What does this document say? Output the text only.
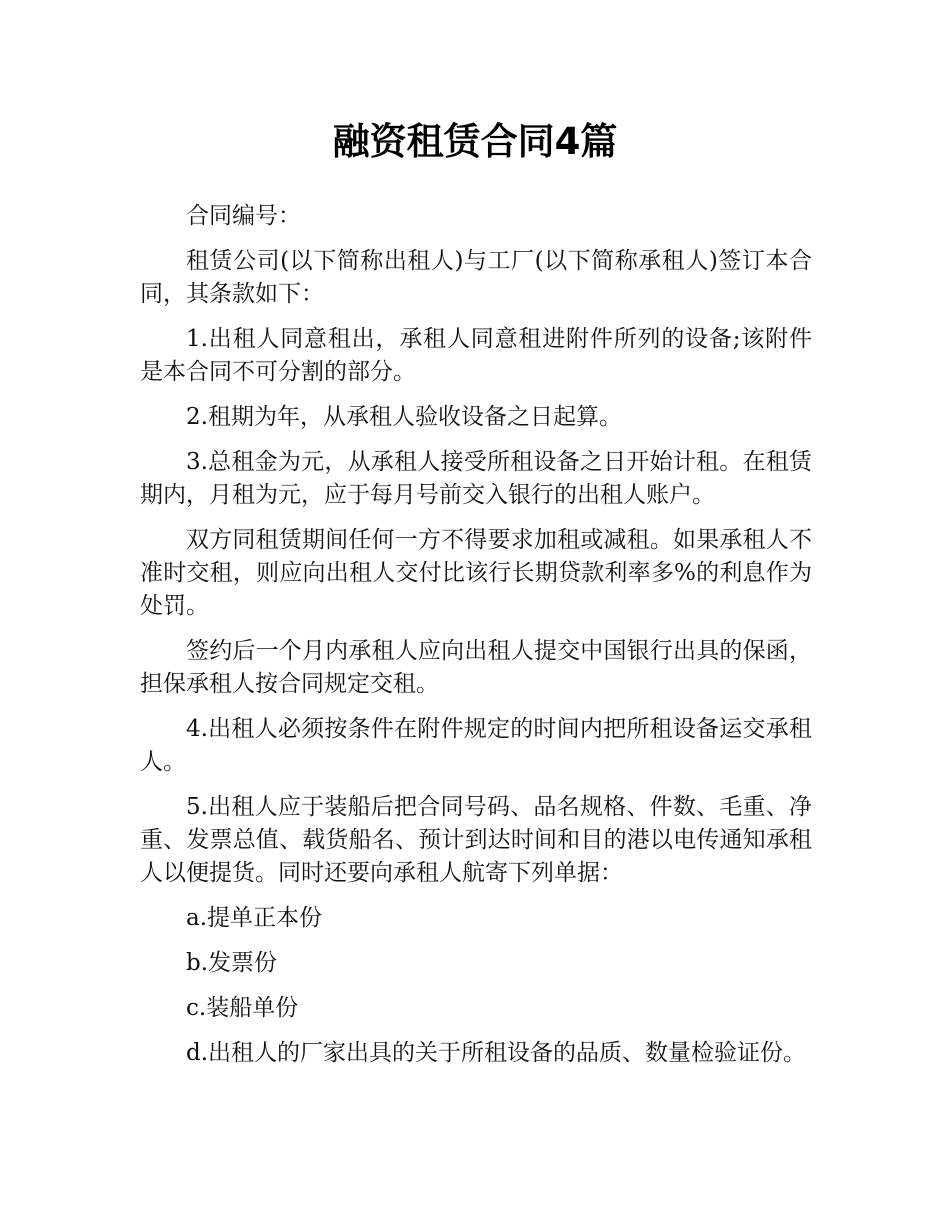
融资租赁合同4篇

合同编号：

租赁公司(以下简称出租人)与工厂(以下简称承租人)签订本合同，其条款如下：

1.出租人同意租出，承租人同意租进附件所列的设备;该附件是本合同不可分割的部分。

2.租期为年，从承租人验收设备之日起算。

3.总租金为元，从承租人接受所租设备之日开始计租。在租赁期内，月租为元，应于每月号前交入银行的出租人账户。

双方同租赁期间任何一方不得要求加租或减租。如果承租人不准时交租，则应向出租人交付比该行长期贷款利率多%的利息作为处罚。

签约后一个月内承租人应向出租人提交中国银行出具的保函，担保承租人按合同规定交租。

4.出租人必须按条件在附件规定的时间内把所租设备运交承租人。

5.出租人应于装船后把合同号码、品名规格、件数、毛重、净重、发票总值、载货船名、预计到达时间和目的港以电传通知承租人以便提货。同时还要向承租人航寄下列单据：

a.提单正本份

b.发票份

c.装船单份

d.出租人的厂家出具的关于所租设备的品质、数量检验证份。
